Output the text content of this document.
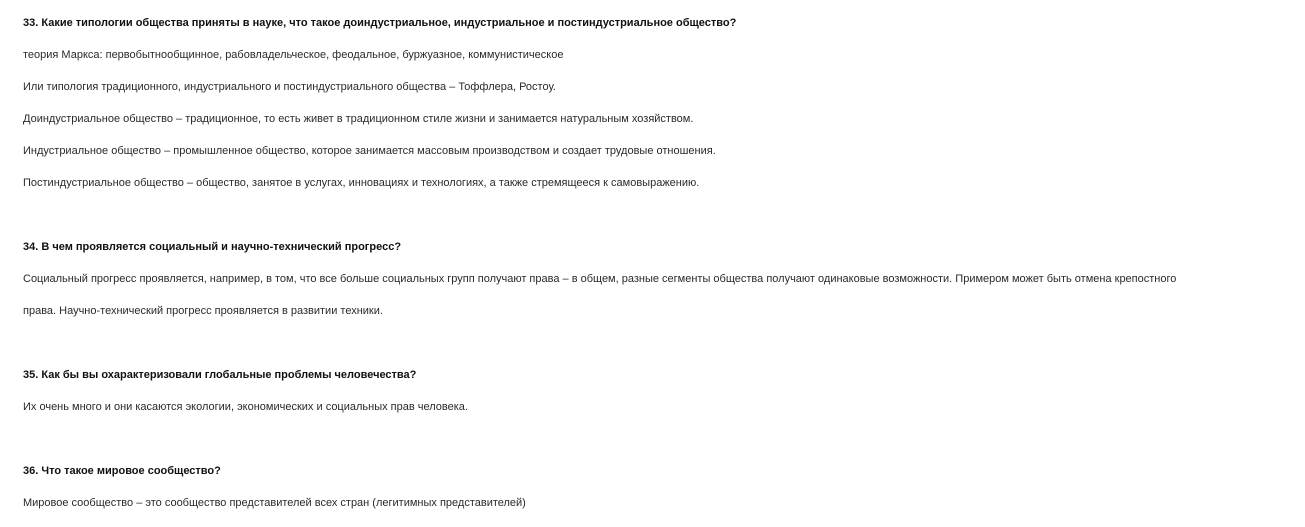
33. Какие типологии общества приняты в науке, что такое доиндустриальное, индустриальное и постиндустриальное общество?
теория Маркса: первобытнообщинное, рабовладельческое, феодальное, буржуазное, коммунистическое
Или типология традиционного, индустриального и постиндустриального общества – Тоффлера, Ростоу.
Доиндустриальное общество – традиционное, то есть живет в традиционном стиле жизни и занимается натуральным хозяйством.
Индустриальное общество – промышленное общество, которое занимается массовым производством и создает трудовые отношения.
Постиндустриальное общество – общество, занятое в услугах, инновациях и технологиях, а также стремящееся к самовыражению.
34. В чем проявляется социальный и научно-технический прогресс?
Социальный прогресс проявляется, например, в том, что все больше социальных групп получают права – в общем, разные сегменты общества получают одинаковые возможности. Примером может быть отмена крепостного
права. Научно-технический прогресс проявляется в развитии техники.
35. Как бы вы охарактеризовали глобальные проблемы человечества?
Их очень много и они касаются экологии, экономических и социальных прав человека.
36. Что такое мировое сообщество?
Мировое сообщество – это сообщество представителей всех стран (легитимных представителей)
